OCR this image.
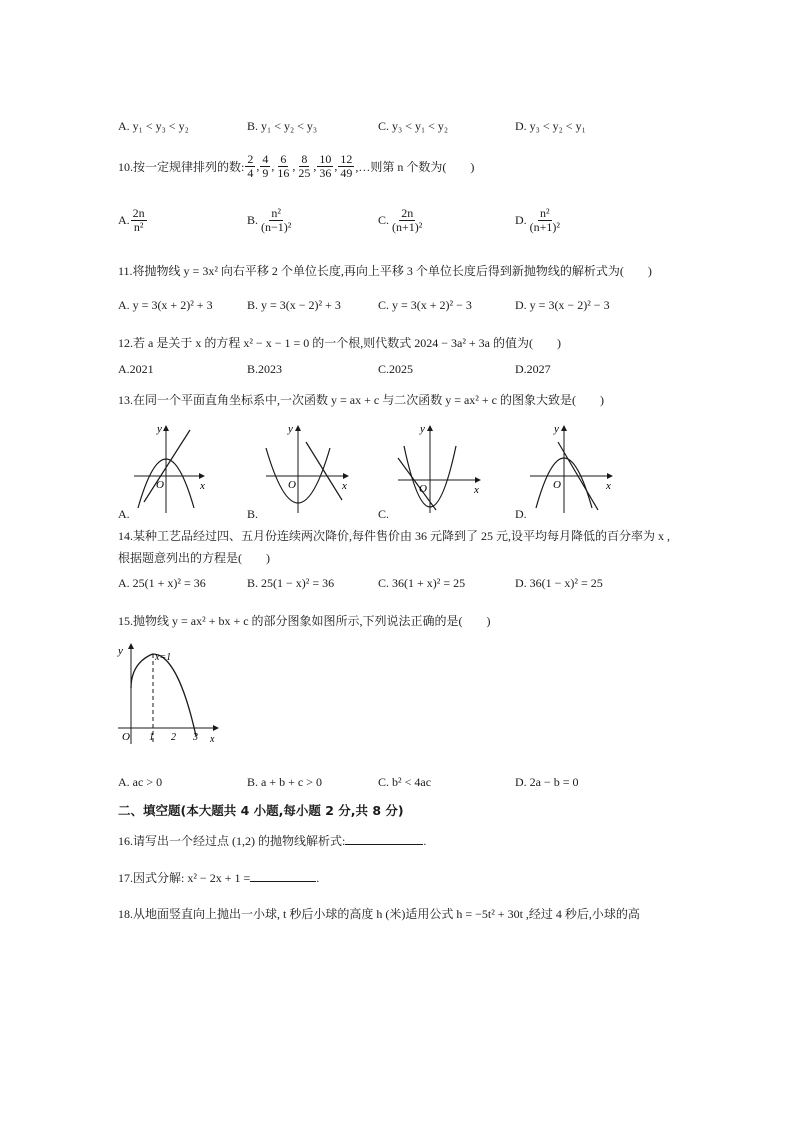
A. y₁ < y₃ < y₂	B. y₁ < y₂ < y₃	C. y₃ < y₁ < y₂	D. y₃ < y₂ < y₁
10.按一定规律排列的数: $\frac{2}{4}$ , $\frac{4}{9}$ , $\frac{6}{16}$ , $\frac{8}{25}$ , $\frac{10}{36}$ , $\frac{12}{49}$ ,…则第 n 个数为(　　)
A. $\frac{2n}{\text{n²}}$	B. $\frac{\text{n²}}{\text{(n−1)²}}$	C. $\frac{2n}{\text{(n+1)²}}$	D. $\frac{\text{n²}}{\text{(n+1)²}}$
11.将抛物线 y = 3x² 向右平移 2 个单位长度,再向上平移 3 个单位长度后得到新抛物线的解析式为(　　)
A. y = 3(x + 2)² + 3	B. y = 3(x − 2)² + 3	C. y = 3(x + 2)² − 3	D. y = 3(x − 2)² − 3
12.若 a 是关于 x 的方程 x² − x − 1 = 0 的一个根,则代数式 2024 − 3a² + 3a 的值为(　　)
A.2021	B.2023	C.2025	D.2027
13.在同一个平面直角坐标系中,一次函数 y = ax + c 与二次函数 y = ax² + c 的图象大致是(　　)
y
x
O
A.
y
x
O
B.
y
x
O
C.
y
x
O
D.
14.某种工艺品经过四、五月份连续两次降价,每件售价由 36 元降到了 25 元,设平均每月降低的百分率为 x ,
根据题意列出的方程是(　　)
A. 25(1 + x)² = 36	B. 25(1 − x)² = 36	C. 36(1 + x)² = 25	D. 36(1 − x)² = 25
15.抛物线 y = ax² + bx + c 的部分图象如图所示,下列说法正确的是(　　)
y
x
O
x=1
1 2 3
A. ac > 0	B. a + b + c > 0	C. b² < 4ac	D. 2a − b = 0
二、填空题(本大题共 4 小题,每小题 2 分,共 8 分)
16.请写出一个经过点 (1,2) 的抛物线解析式:	.
17.因式分解: x² − 2x + 1 =	.
18.从地面竖直向上抛出一小球, t 秒后小球的高度 h (米)适用公式 h = −5t² + 30t ,经过 4 秒后,小球的高
